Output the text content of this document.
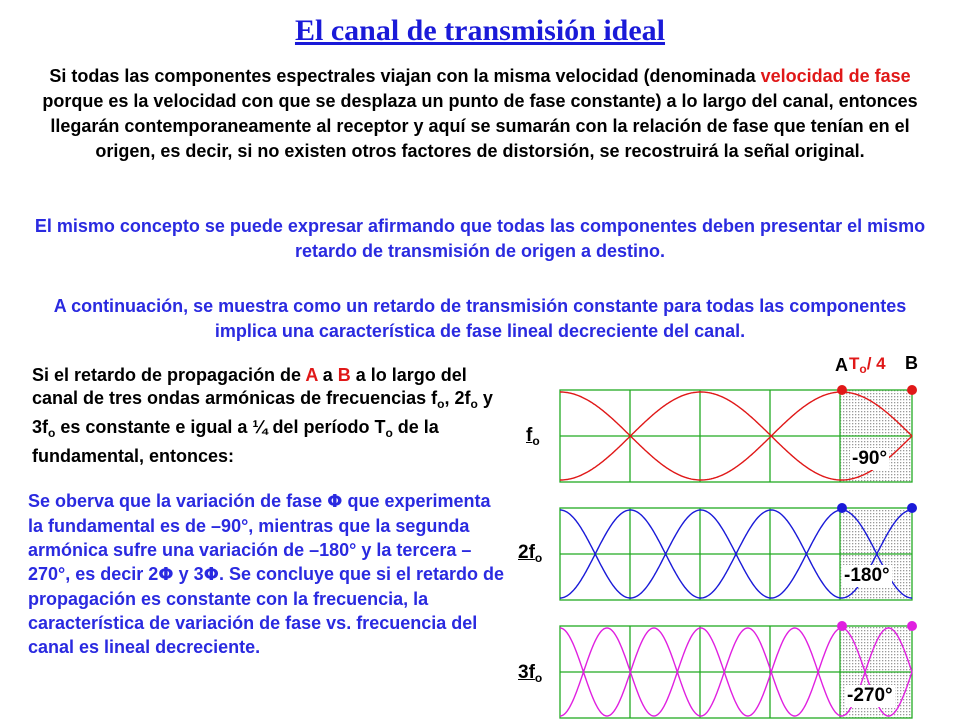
El canal de transmisión ideal
Si todas las componentes espectrales viajan con la misma velocidad (denominada velocidad de fase porque es la velocidad con que se desplaza un punto de fase constante) a lo largo del canal, entonces llegarán contemporaneamente al receptor y aquí se sumarán con la relación de fase que tenían en el origen, es decir, si no existen otros factores de distorsión, se recostruirá la señal original.
El mismo concepto se puede expresar afirmando que todas las componentes deben presentar el mismo retardo de transmisión de origen a destino.
A continuación, se muestra como un retardo de transmisión constante para todas las componentes implica una característica de fase lineal decreciente del canal.
Si el retardo de propagación de A a B a lo largo del canal de tres ondas armónicas de frecuencias $f_o$, $2f_o$ y $3f_o$ es constante e igual a ¼ del período $T_o$ de la fundamental, entonces:
Se oberva que la variación de fase Φ que experimenta la fundamental es de –90°, mientras que la segunda armónica sufre una variación de –180° y la tercera –270°, es decir 2Φ y 3Φ. Se concluye que si el retardo de propagación es constante con la frecuencia, la característica de variación de fase vs. frecuencia del canal es lineal decreciente.
$f_o$
$2f_o$
$3f_o$
-90°
-180°
-270°
A	B
$T_o/$ 4
